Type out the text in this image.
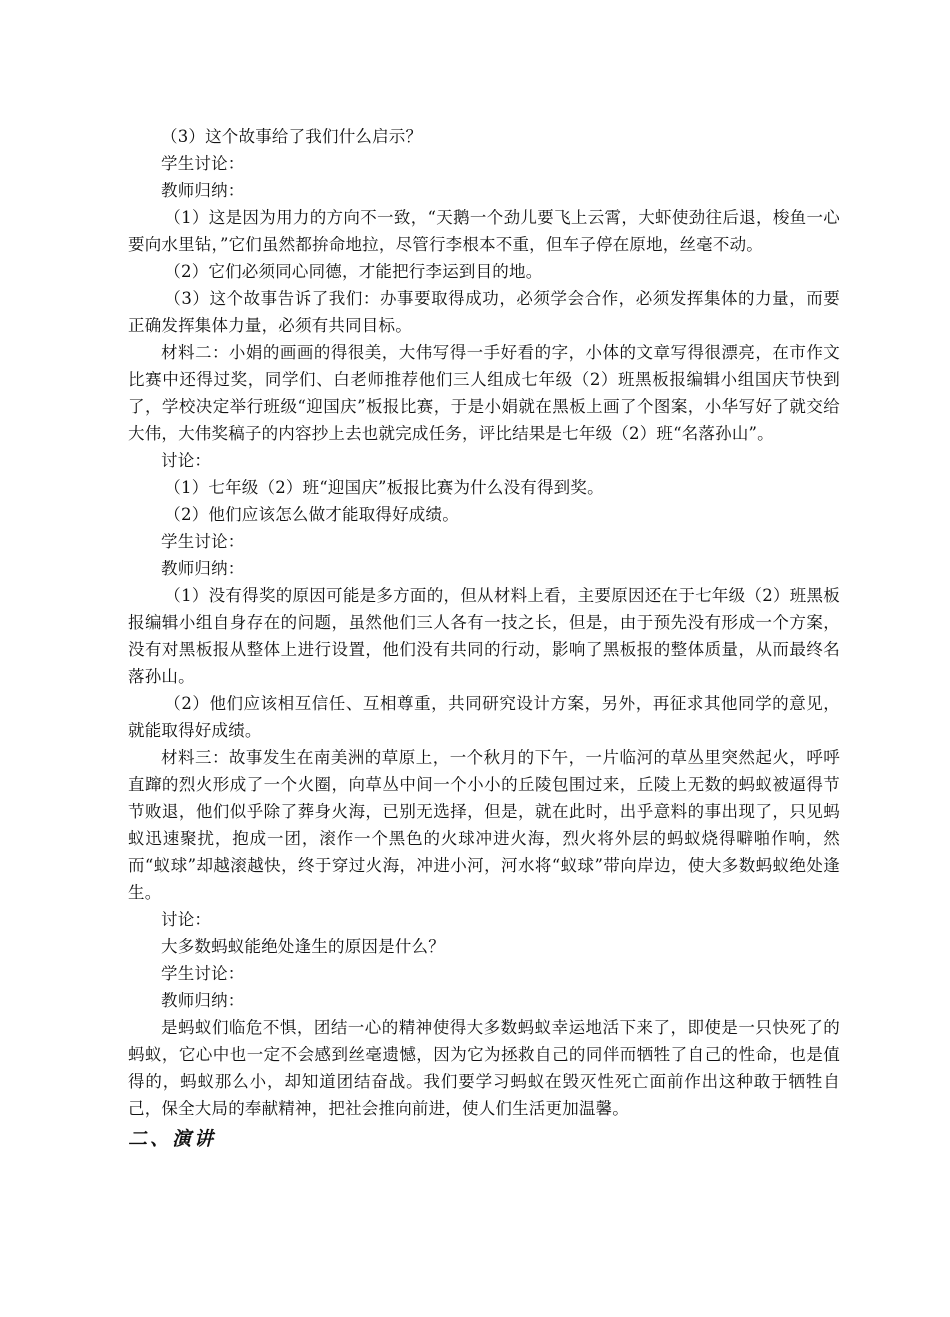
（3）这个故事给了我们什么启示？

学生讨论：

教师归纳：

（1）这是因为用力的方向不一致，“天鹅一个劲儿要飞上云霄，大虾使劲往后退，梭鱼一心要向水里钻，”它们虽然都拚命地拉，尽管行李根本不重，但车子停在原地，丝毫不动。

（2）它们必须同心同德，才能把行李运到目的地。

（3）这个故事告诉了我们：办事要取得成功，必须学会合作，必须发挥集体的力量，而要正确发挥集体力量，必须有共同目标。

材料二：小娟的画画的得很美，大伟写得一手好看的字，小体的文章写得很漂亮，在市作文比赛中还得过奖，同学们、白老师推荐他们三人组成七年级（2）班黑板报编辑小组国庆节快到了，学校决定举行班级“迎国庆”板报比赛，于是小娟就在黑板上画了个图案，小华写好了就交给大伟，大伟奖稿子的内容抄上去也就完成任务，评比结果是七年级（2）班“名落孙山”。

讨论：

（1）七年级（2）班“迎国庆”板报比赛为什么没有得到奖。

（2）他们应该怎么做才能取得好成绩。

学生讨论：

教师归纳：

（1）没有得奖的原因可能是多方面的，但从材料上看，主要原因还在于七年级（2）班黑板报编辑小组自身存在的问题，虽然他们三人各有一技之长，但是，由于预先没有形成一个方案，没有对黑板报从整体上进行设置，他们没有共同的行动，影响了黑板报的整体质量，从而最终名落孙山。

（2）他们应该相互信任、互相尊重，共同研究设计方案，另外，再征求其他同学的意见，就能取得好成绩。

材料三：故事发生在南美洲的草原上，一个秋月的下午，一片临河的草丛里突然起火，呼呼直蹿的烈火形成了一个火圈，向草丛中间一个小小的丘陵包围过来，丘陵上无数的蚂蚁被逼得节节败退，他们似乎除了葬身火海，已别无选择，但是，就在此时，出乎意料的事出现了，只见蚂蚁迅速聚扰，抱成一团，滚作一个黑色的火球冲进火海，烈火将外层的蚂蚁烧得噼啪作响，然而“蚁球”却越滚越快，终于穿过火海，冲进小河，河水将“蚁球”带向岸边，使大多数蚂蚁绝处逢生。

讨论：

大多数蚂蚁能绝处逢生的原因是什么？

学生讨论：

教师归纳：

是蚂蚁们临危不惧，团结一心的精神使得大多数蚂蚁幸运地活下来了，即使是一只快死了的蚂蚁，它心中也一定不会感到丝毫遗憾，因为它为拯救自己的同伴而牺牲了自己的性命，也是值得的，蚂蚁那么小，却知道团结奋战。我们要学习蚂蚁在毁灭性死亡面前作出这种敢于牺牲自己，保全大局的奉献精神，把社会推向前进，使人们生活更加温馨。

二、演讲
